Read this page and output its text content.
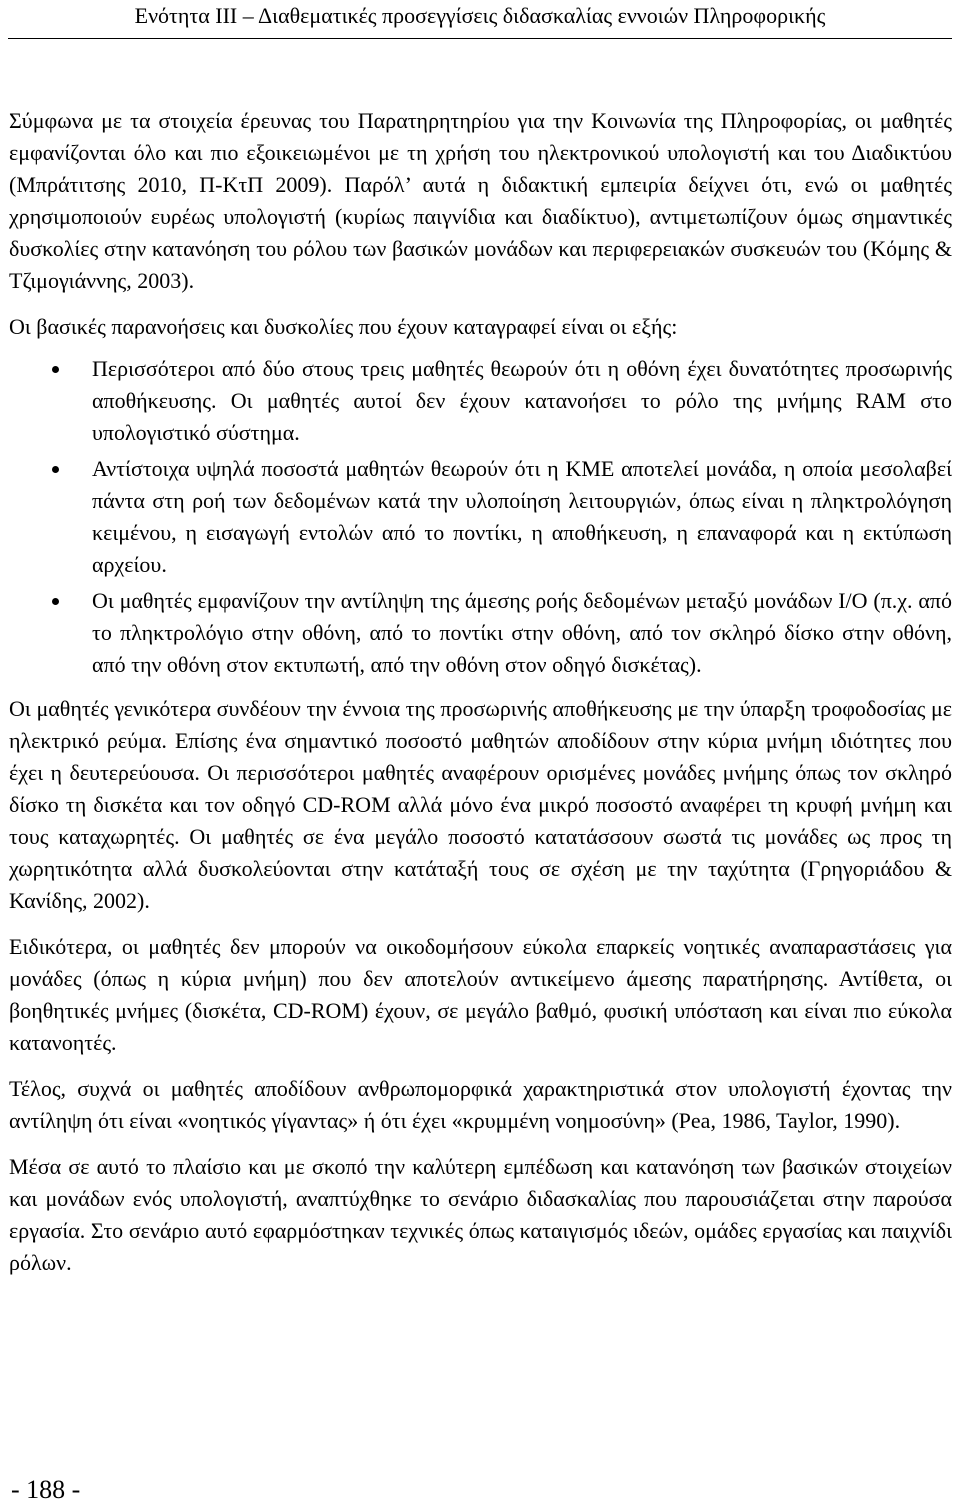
Ενότητα ΙΙΙ – Διαθεματικές προσεγγίσεις διδασκαλίας εννοιών Πληροφορικής

Σύμφωνα με τα στοιχεία έρευνας του Παρατηρητηρίου για την Κοινωνία της Πληροφορίας, οι μαθητές εμφανίζονται όλο και πιο εξοικειωμένοι με τη χρήση του ηλεκτρονικού υπολογιστή και του Διαδικτύου (Μπράτιτσης 2010, Π-ΚτΠ 2009). Παρόλ’ αυτά η διδακτική εμπειρία δείχνει ότι, ενώ οι μαθητές χρησιμοποιούν ευρέως υπολογιστή (κυρίως παιγνίδια και διαδίκτυο), αντιμετωπίζουν όμως σημαντικές δυσκολίες στην κατανόηση του ρόλου των βασικών μονάδων και περιφερειακών συσκευών του (Κόμης & Τζιμογιάννης, 2003).

Οι βασικές παρανοήσεις και δυσκολίες που έχουν καταγραφεί είναι οι εξής:

Περισσότεροι από δύο στους τρεις μαθητές θεωρούν ότι η οθόνη έχει δυνατότητες προσωρινής αποθήκευσης. Οι μαθητές αυτοί δεν έχουν κατανοήσει το ρόλο της μνήμης RAM στο υπολογιστικό σύστημα.
Αντίστοιχα υψηλά ποσοστά μαθητών θεωρούν ότι η ΚΜΕ αποτελεί μονάδα, η οποία μεσολαβεί πάντα στη ροή των δεδομένων κατά την υλοποίηση λειτουργιών, όπως είναι η πληκτρολόγηση κειμένου, η εισαγωγή εντολών από το ποντίκι, η αποθήκευση, η επαναφορά και η εκτύπωση αρχείου.
Οι μαθητές εμφανίζουν την αντίληψη της άμεσης ροής δεδομένων μεταξύ μονάδων I/O (π.χ. από το πληκτρολόγιο στην οθόνη, από το ποντίκι στην οθόνη, από τον σκληρό δίσκο στην οθόνη, από την οθόνη στον εκτυπωτή, από την οθόνη στον οδηγό δισκέτας).

Οι μαθητές γενικότερα συνδέουν την έννοια της προσωρινής αποθήκευσης με την ύπαρξη τροφοδοσίας με ηλεκτρικό ρεύμα. Επίσης ένα σημαντικό ποσοστό μαθητών αποδίδουν στην κύρια μνήμη ιδιότητες που έχει η δευτερεύουσα. Οι περισσότεροι μαθητές αναφέρουν ορισμένες μονάδες μνήμης όπως τον σκληρό δίσκο τη δισκέτα και τον οδηγό CD-ROM αλλά μόνο ένα μικρό ποσοστό αναφέρει τη κρυφή μνήμη και τους καταχωρητές. Οι μαθητές σε ένα μεγάλο ποσοστό κατατάσσουν σωστά τις μονάδες ως προς τη χωρητικότητα αλλά δυσκολεύονται στην κατάταξή τους σε σχέση με την ταχύτητα (Γρηγοριάδου & Κανίδης, 2002).

Ειδικότερα, οι μαθητές δεν μπορούν να οικοδομήσουν εύκολα επαρκείς νοητικές αναπαραστάσεις για μονάδες (όπως η κύρια μνήμη) που δεν αποτελούν αντικείμενο άμεσης παρατήρησης. Αντίθετα, οι βοηθητικές μνήμες (δισκέτα, CD-ROM) έχουν, σε μεγάλο βαθμό, φυσική υπόσταση και είναι πιο εύκολα κατανοητές.

Τέλος, συχνά οι μαθητές αποδίδουν ανθρωπομορφικά χαρακτηριστικά στον υπολογιστή έχοντας την αντίληψη ότι είναι «νοητικός γίγαντας» ή ότι έχει «κρυμμένη νοημοσύνη» (Pea, 1986, Taylor, 1990).

Μέσα σε αυτό το πλαίσιο και με σκοπό την καλύτερη εμπέδωση και κατανόηση των βασικών στοιχείων και μονάδων ενός υπολογιστή, αναπτύχθηκε το σενάριο διδασκαλίας που παρουσιάζεται στην παρούσα εργασία. Στο σενάριο αυτό εφαρμόστηκαν τεχνικές όπως καταιγισμός ιδεών, ομάδες εργασίας και παιχνίδι ρόλων.

- 188 -
